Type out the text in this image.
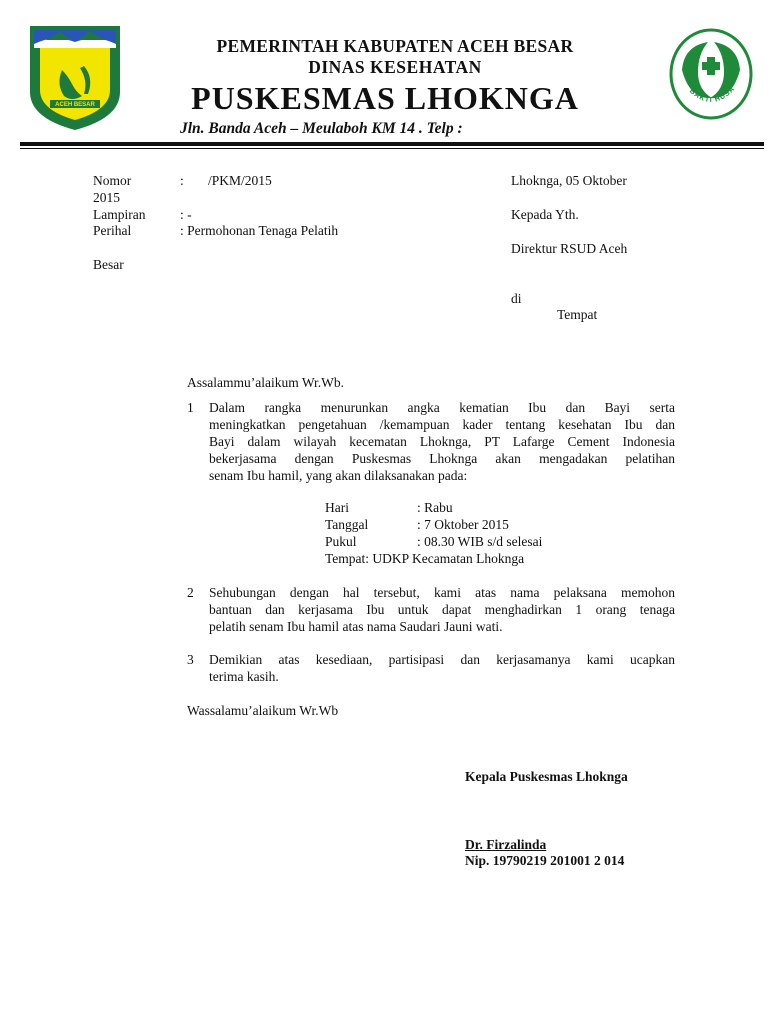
ACEH BESAR
BAKTI HUSA
PEMERINTAH KABUPATEN ACEH BESAR
DINAS KESEHATAN
PUSKESMAS LHOKNGA
Jln. Banda Aceh – Meulaboh KM 14 . Telp :
Nomor	: /PKM/2015
2015
Lampiran	: -
Perihal	: Permohonan Tenaga Pelatih
Besar
Lhoknga, 05 Oktober
Kepada Yth.
Direktur RSUD Aceh
di
Tempat
Assalammu’alaikum Wr.Wb.
1 Dalam rangka menurunkan angka kematian Ibu dan Bayi serta
meningkatkan pengetahuan /kemampuan kader tentang kesehatan Ibu dan
Bayi dalam wilayah kecematan Lhoknga, PT Lafarge Cement Indonesia
bekerjasama dengan Puskesmas Lhoknga akan mengadakan pelatihan
senam Ibu hamil, yang akan dilaksanakan pada:
Hari	: Rabu
Tanggal	: 7 Oktober 2015
Pukul	: 08.30 WIB s/d selesai
Tempat: UDKP Kecamatan Lhoknga
2 Sehubungan dengan hal tersebut, kami atas nama pelaksana memohon
bantuan dan kerjasama Ibu untuk dapat menghadirkan 1 orang tenaga
pelatih senam Ibu hamil atas nama Saudari Jauni wati.
3 Demikian atas kesediaan, partisipasi dan kerjasamanya kami ucapkan
terima kasih.
Wassalamu’alaikum Wr.Wb
Kepala Puskesmas Lhoknga
Dr. Firzalinda
Nip. 19790219 201001 2 014
